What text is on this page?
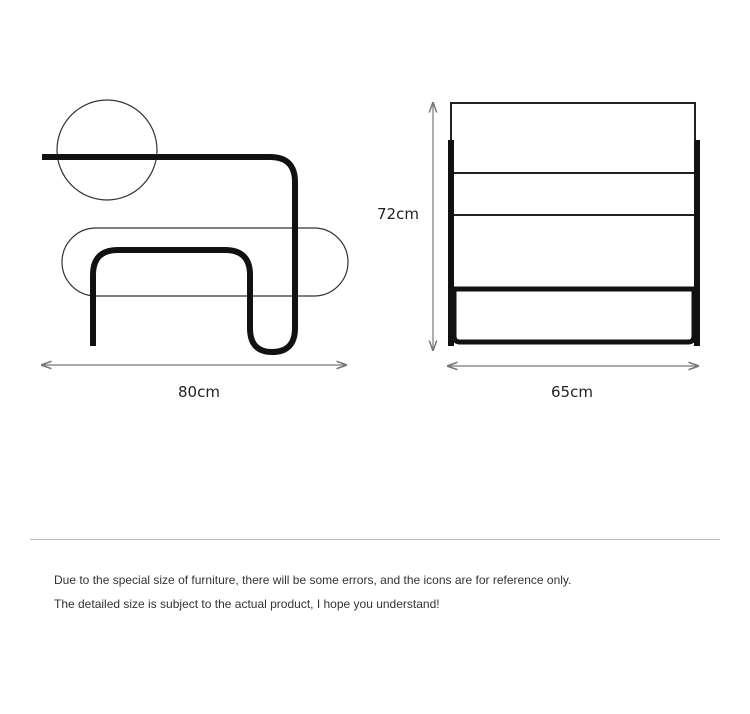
80cm
72cm
65cm
Due to the special size of furniture, there will be some errors, and the icons are for reference only.
The detailed size is subject to the actual product, I hope you understand!
